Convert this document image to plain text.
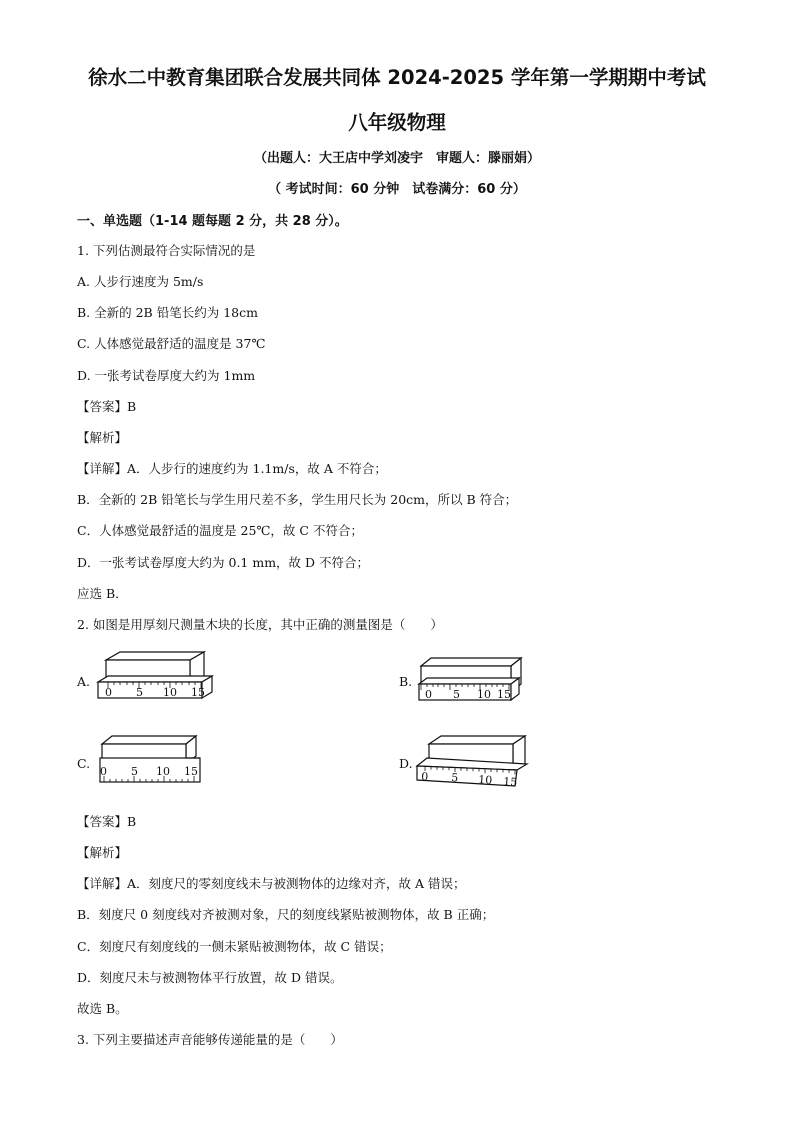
徐水二中教育集团联合发展共同体 2024-2025 学年第一学期期中考试
八年级物理
（出题人：大王店中学刘凌宇　审题人：滕丽娟）
（ 考试时间：60 分钟　试卷满分：60 分）
一、单选题（1-14 题每题 2 分，共 28 分）。
1. 下列估测最符合实际情况的是
A. 人步行速度为 5m/s
B. 全新的 2B 铅笔长约为 18cm
C. 人体感觉最舒适的温度是 37℃
D. 一张考试卷厚度大约为 1mm
【答案】B
【解析】
【详解】A．人步行的速度约为 1.1m/s，故 A 不符合；
B．全新的 2B 铅笔长与学生用尺差不多，学生用尺长为 20cm，所以 B 符合；
C．人体感觉最舒适的温度是 25℃，故 C 不符合；
D．一张考试卷厚度大约为 0.1 mm，故 D 不符合；
应选 B．
2. 如图是用厚刻尺测量木块的长度，其中正确的测量图是（　　）
A.
0 5 10 15
B.
0 5 10 15
C.
0 5 10 15
D.
0 5 10 15
【答案】B
【解析】
【详解】A．刻度尺的零刻度线未与被测物体的边缘对齐，故 A 错误；
B．刻度尺 0 刻度线对齐被测对象，尺的刻度线紧贴被测物体，故 B 正确；
C．刻度尺有刻度线的一侧未紧贴被测物体，故 C 错误；
D．刻度尺未与被测物体平行放置，故 D 错误。
故选 B。
3. 下列主要描述声音能够传递能量的是（　　）
